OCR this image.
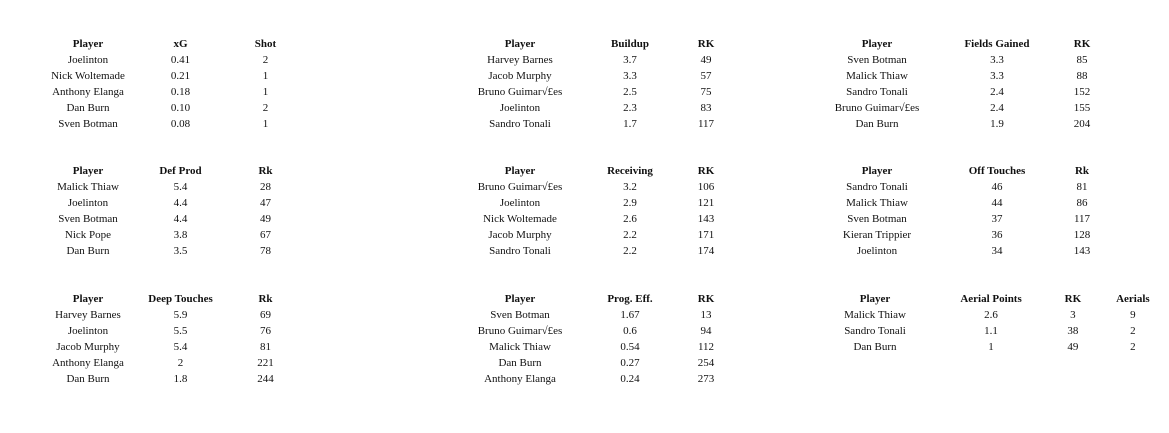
Player	xG	Shot
Joelinton	0.41	2
Nick Woltemade	0.21	1
Anthony Elanga	0.18	1
Dan Burn	0.10	2
Sven Botman	0.08	1
Player	Buildup	RK
Harvey Barnes	3.7	49
Jacob Murphy	3.3	57
Bruno Guimar√£es	2.5	75
Joelinton	2.3	83
Sandro Tonali	1.7	117
Player	Fields Gained	RK
Sven Botman	3.3	85
Malick Thiaw	3.3	88
Sandro Tonali	2.4	152
Bruno Guimar√£es	2.4	155
Dan Burn	1.9	204
Player	Def Prod	Rk
Malick Thiaw	5.4	28
Joelinton	4.4	47
Sven Botman	4.4	49
Nick Pope	3.8	67
Dan Burn	3.5	78
Player	Receiving	RK
Bruno Guimar√£es	3.2	106
Joelinton	2.9	121
Nick Woltemade	2.6	143
Jacob Murphy	2.2	171
Sandro Tonali	2.2	174
Player	Off Touches	Rk
Sandro Tonali	46	81
Malick Thiaw	44	86
Sven Botman	37	117
Kieran Trippier	36	128
Joelinton	34	143
Player	Deep Touches	Rk
Harvey Barnes	5.9	69
Joelinton	5.5	76
Jacob Murphy	5.4	81
Anthony Elanga	2	221
Dan Burn	1.8	244
Player	Prog. Eff.	RK
Sven Botman	1.67	13
Bruno Guimar√£es	0.6	94
Malick Thiaw	0.54	112
Dan Burn	0.27	254
Anthony Elanga	0.24	273
Player	Aerial Points	RK	Aerials
Malick Thiaw	2.6	3	9
Sandro Tonali	1.1	38	2
Dan Burn	1	49	2
